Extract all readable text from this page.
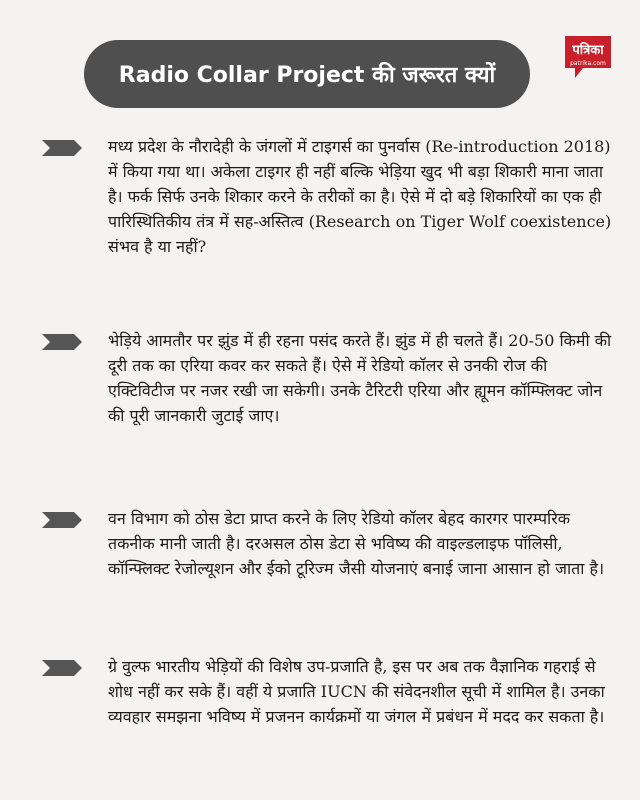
Radio Collar Project की जरूरत क्यों
पत्रिका
patrika.com
मध्य प्रदेश के नौरादेही के जंगलों में टाइगर्स का पुनर्वास (Re-introduction 2018) में किया गया था। अकेला टाइगर ही नहीं बल्कि भेड़िया खुद भी बड़ा शिकारी माना जाता है। फर्क सिर्फ उनके शिकार करने के तरीकों का है। ऐसे में दो बड़े शिकारियों का एक ही पारिस्थितिकीय तंत्र में सह-अस्तित्व (Research on Tiger Wolf coexistence) संभव है या नहीं?
भेड़िये आमतौर पर झुंड में ही रहना पसंद करते हैं। झुंड में ही चलते हैं। 20-50 किमी की दूरी तक का एरिया कवर कर सकते हैं। ऐसे में रेडियो कॉलर से उनकी रोज की एक्टिविटीज पर नजर रखी जा सकेगी। उनके टैरिटरी एरिया और ह्यूमन कॉम्फ्लिक्ट जोन की पूरी जानकारी जुटाई जाए।
वन विभाग को ठोस डेटा प्राप्त करने के लिए रेडियो कॉलर बेहद कारगर पारम्परिक तकनीक मानी जाती है। दरअसल ठोस डेटा से भविष्य की वाइल्डलाइफ पॉलिसी, कॉन्फ्लिक्ट रेजोल्यूशन और ईको टूरिज्म जैसी योजनाएं बनाई जाना आसान हो जाता है।
ग्रे वुल्फ भारतीय भेड़ियों की विशेष उप-प्रजाति है, इस पर अब तक वैज्ञानिक गहराई से शोध नहीं कर सके हैं। वहीं ये प्रजाति IUCN की संवेदनशील सूची में शामिल है। उनका व्यवहार समझना भविष्य में प्रजनन कार्यक्रमों या जंगल में प्रबंधन में मदद कर सकता है।
